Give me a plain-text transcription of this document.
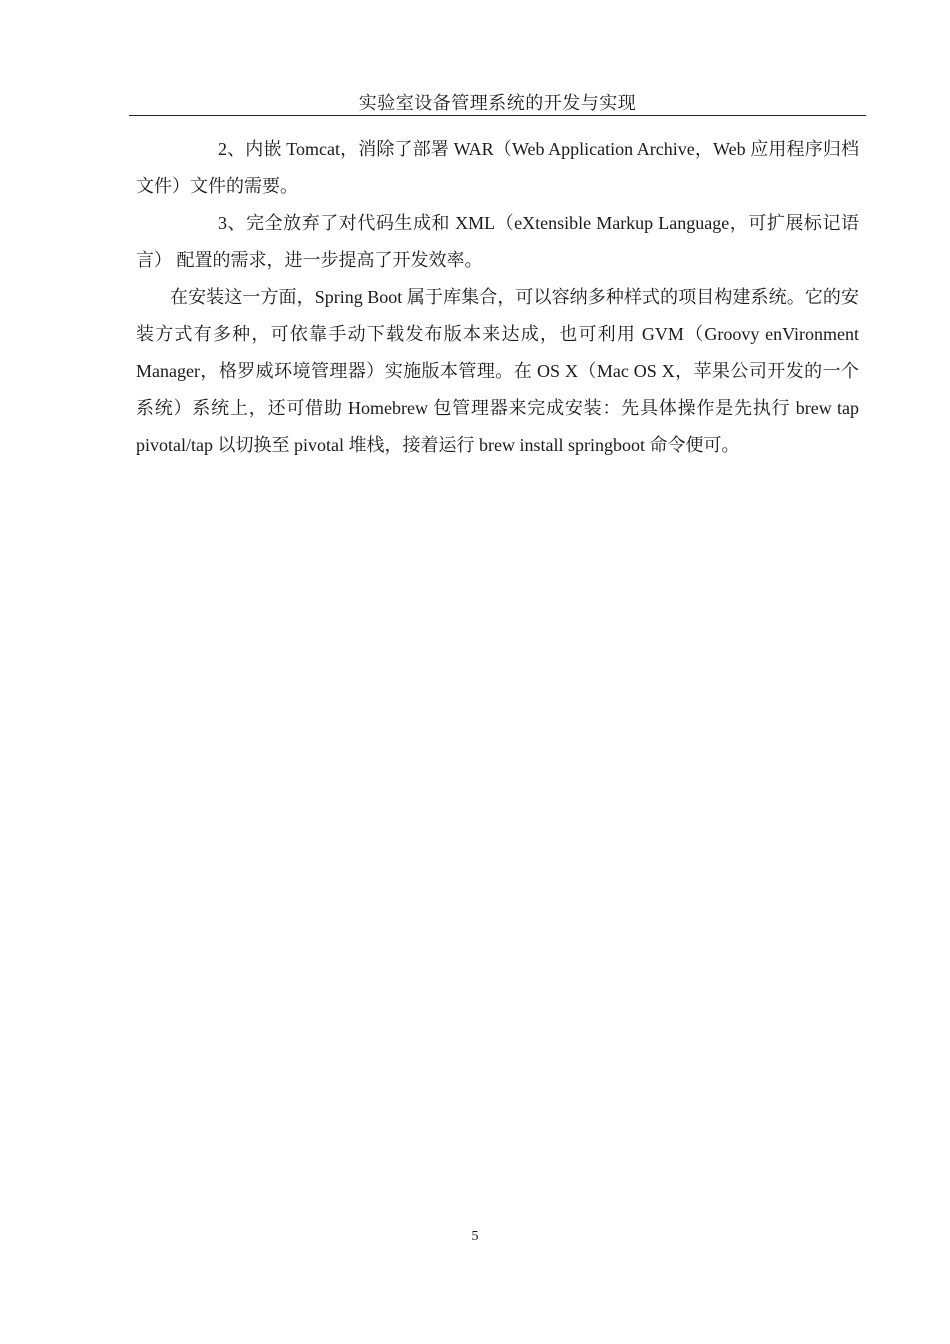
实验室设备管理系统的开发与实现

2、内嵌 Tomcat，消除了部署 WAR（Web Application Archive，Web 应用程序归档文件）文件的需要。

3、完全放弃了对代码生成和 XML（eXtensible Markup Language，可扩展标记语言） 配置的需求，进一步提高了开发效率。

在安装这一方面，Spring Boot 属于库集合，可以容纳多种样式的项目构建系统。它的安装方式有多种，可依靠手动下载发布版本来达成，也可利用 GVM（Groovy enVironment Manager，格罗威环境管理器）实施版本管理。在 OS X（Mac OS X，苹果公司开发的一个系统）系统上，还可借助 Homebrew 包管理器来完成安装：先具体操作是先执行 brew tap pivotal/tap 以切换至 pivotal 堆栈，接着运行 brew install springboot 命令便可。

5
